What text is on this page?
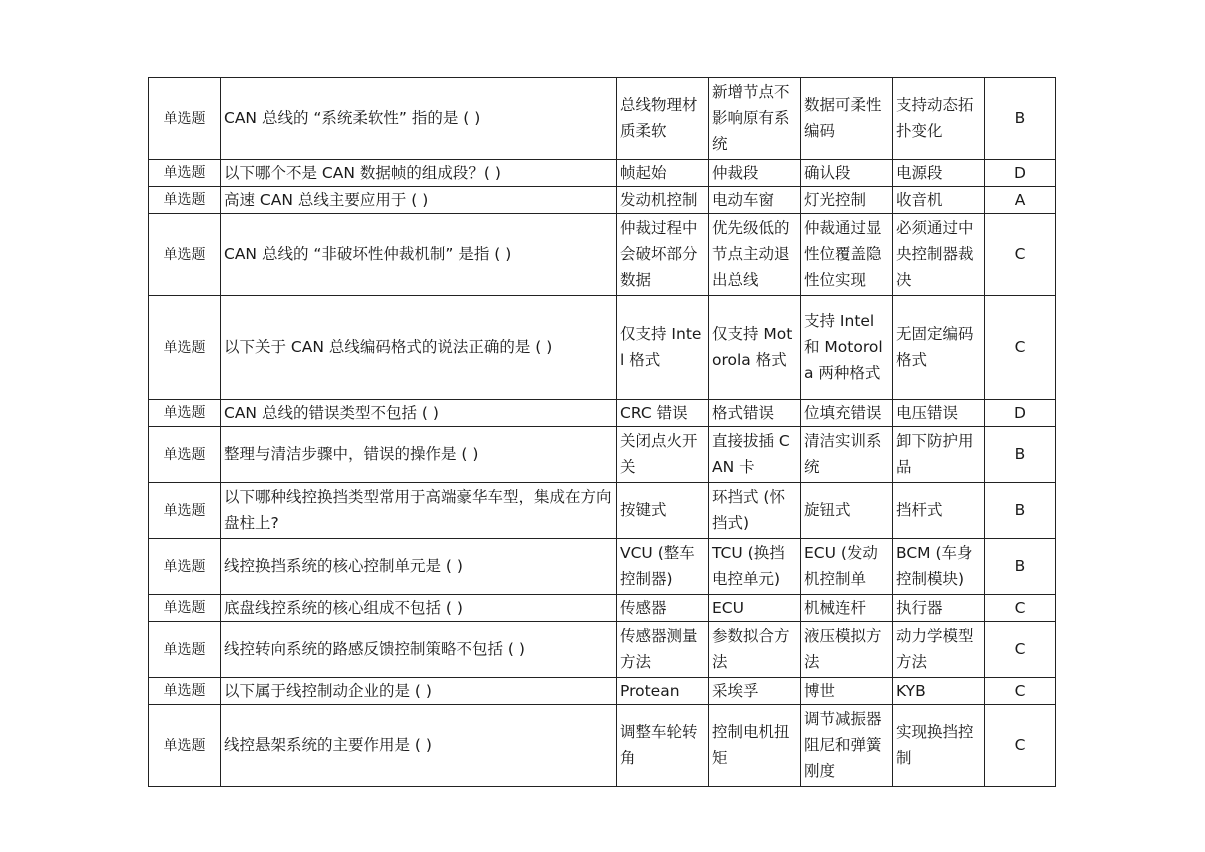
单选题	CAN 总线的 “系统柔软性” 指的是 ( )	总线物理材质柔软	新增节点不影响原有系统	数据可柔性编码	支持动态拓扑变化	B
单选题	以下哪个不是 CAN 数据帧的组成段？( )	帧起始	仲裁段	确认段	电源段	D
单选题	高速 CAN 总线主要应用于 ( )	发动机控制	电动车窗	灯光控制	收音机	A
单选题	CAN 总线的 “非破坏性仲裁机制” 是指 ( )	仲裁过程中会破坏部分数据	优先级低的节点主动退出总线	仲裁通过显性位覆盖隐性位实现	必须通过中央控制器裁决	C
单选题	以下关于 CAN 总线编码格式的说法正确的是 ( )	仅支持 Intel 格式	仅支持 Motorola 格式	支持 Intel 和 Motorola 两种格式	无固定编码格式	C
单选题	CAN 总线的错误类型不包括 ( )	CRC 错误	格式错误	位填充错误	电压错误	D
单选题	整理与清洁步骤中，错误的操作是 ( )	关闭点火开关	直接拔插 CAN 卡	清洁实训系统	卸下防护用品	B
单选题	以下哪种线控换挡类型常用于高端豪华车型，集成在方向盘柱上?	按键式	环挡式 (怀挡式)	旋钮式	挡杆式	B
单选题	线控换挡系统的核心控制单元是 ( )	VCU (整车控制器)	TCU (换挡电控单元)	ECU (发动机控制单	BCM (车身控制模块)	B
单选题	底盘线控系统的核心组成不包括 ( )	传感器	ECU	机械连杆	执行器	C
单选题	线控转向系统的路感反馈控制策略不包括 ( )	传感器测量方法	参数拟合方法	液压模拟方法	动力学模型方法	C
单选题	以下属于线控制动企业的是 ( )	Protean	采埃孚	博世	KYB	C
单选题	线控悬架系统的主要作用是 ( )	调整车轮转角	控制电机扭矩	调节减振器阻尼和弹簧刚度	实现换挡控制	C
